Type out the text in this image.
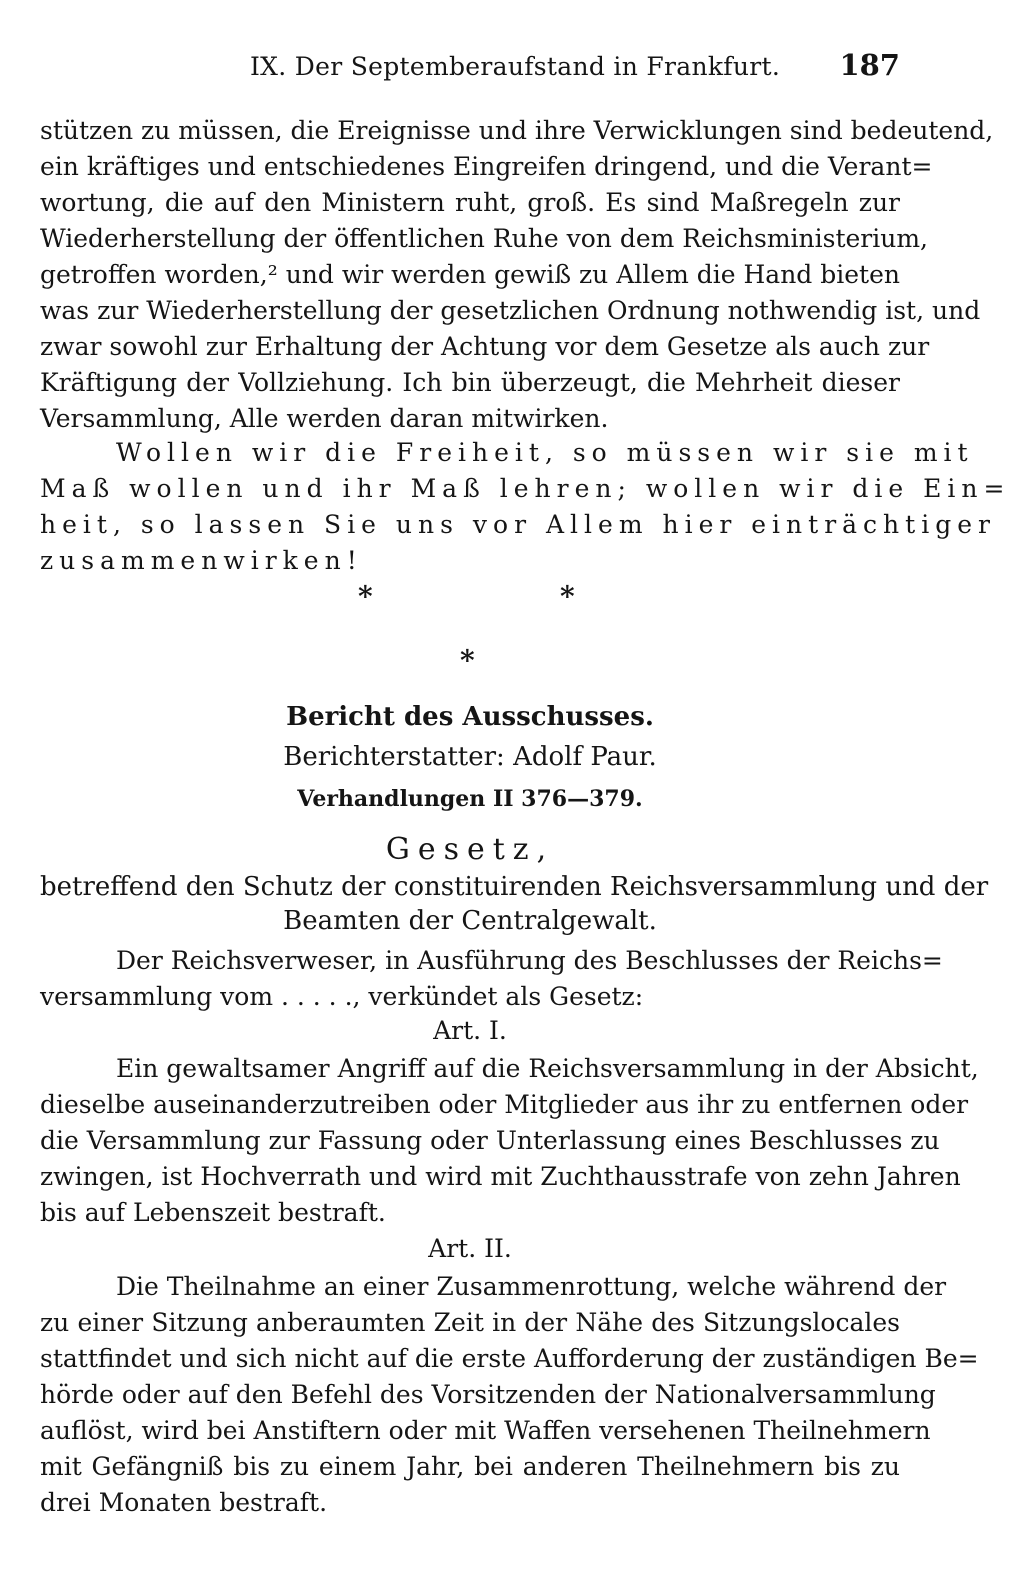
IX. Der Septemberaufstand in Frankfurt. 187
stützen zu müssen, die Ereignisse und ihre Verwicklungen sind bedeutend,
ein kräftiges und entschiedenes Eingreifen dringend, und die Verant=
wortung, die auf den Ministern ruht, groß. Es sind Maßregeln zur
Wiederherstellung der öffentlichen Ruhe von dem Reichsministerium,
getroffen worden,² und wir werden gewiß zu Allem die Hand bieten
was zur Wiederherstellung der gesetzlichen Ordnung nothwendig ist, und
zwar sowohl zur Erhaltung der Achtung vor dem Gesetze als auch zur
Kräftigung der Vollziehung. Ich bin überzeugt, die Mehrheit dieser
Versammlung, Alle werden daran mitwirken.
Wollen wir die Freiheit, so müssen wir sie mit
Maß wollen und ihr Maß lehren; wollen wir die Ein=
heit, so lassen Sie uns vor Allem hier einträchtiger
zusammenwirken!
*	*
*
Bericht des Ausschusses.
Berichterstatter: Adolf Paur.
Verhandlungen II 376—379.
Gesetz,
betreffend den Schutz der constituirenden Reichsversammlung und der
Beamten der Centralgewalt.
Der Reichsverweser, in Ausführung des Beschlusses der Reichs=
versammlung vom . . . . ., verkündet als Gesetz:
Art. I.
Ein gewaltsamer Angriff auf die Reichsversammlung in der Absicht,
dieselbe auseinanderzutreiben oder Mitglieder aus ihr zu entfernen oder
die Versammlung zur Fassung oder Unterlassung eines Beschlusses zu
zwingen, ist Hochverrath und wird mit Zuchthausstrafe von zehn Jahren
bis auf Lebenszeit bestraft.
Art. II.
Die Theilnahme an einer Zusammenrottung, welche während der
zu einer Sitzung anberaumten Zeit in der Nähe des Sitzungslocales
stattfindet und sich nicht auf die erste Aufforderung der zuständigen Be=
hörde oder auf den Befehl des Vorsitzenden der Nationalversammlung
auflöst, wird bei Anstiftern oder mit Waffen versehenen Theilnehmern
mit Gefängniß bis zu einem Jahr, bei anderen Theilnehmern bis zu
drei Monaten bestraft.
